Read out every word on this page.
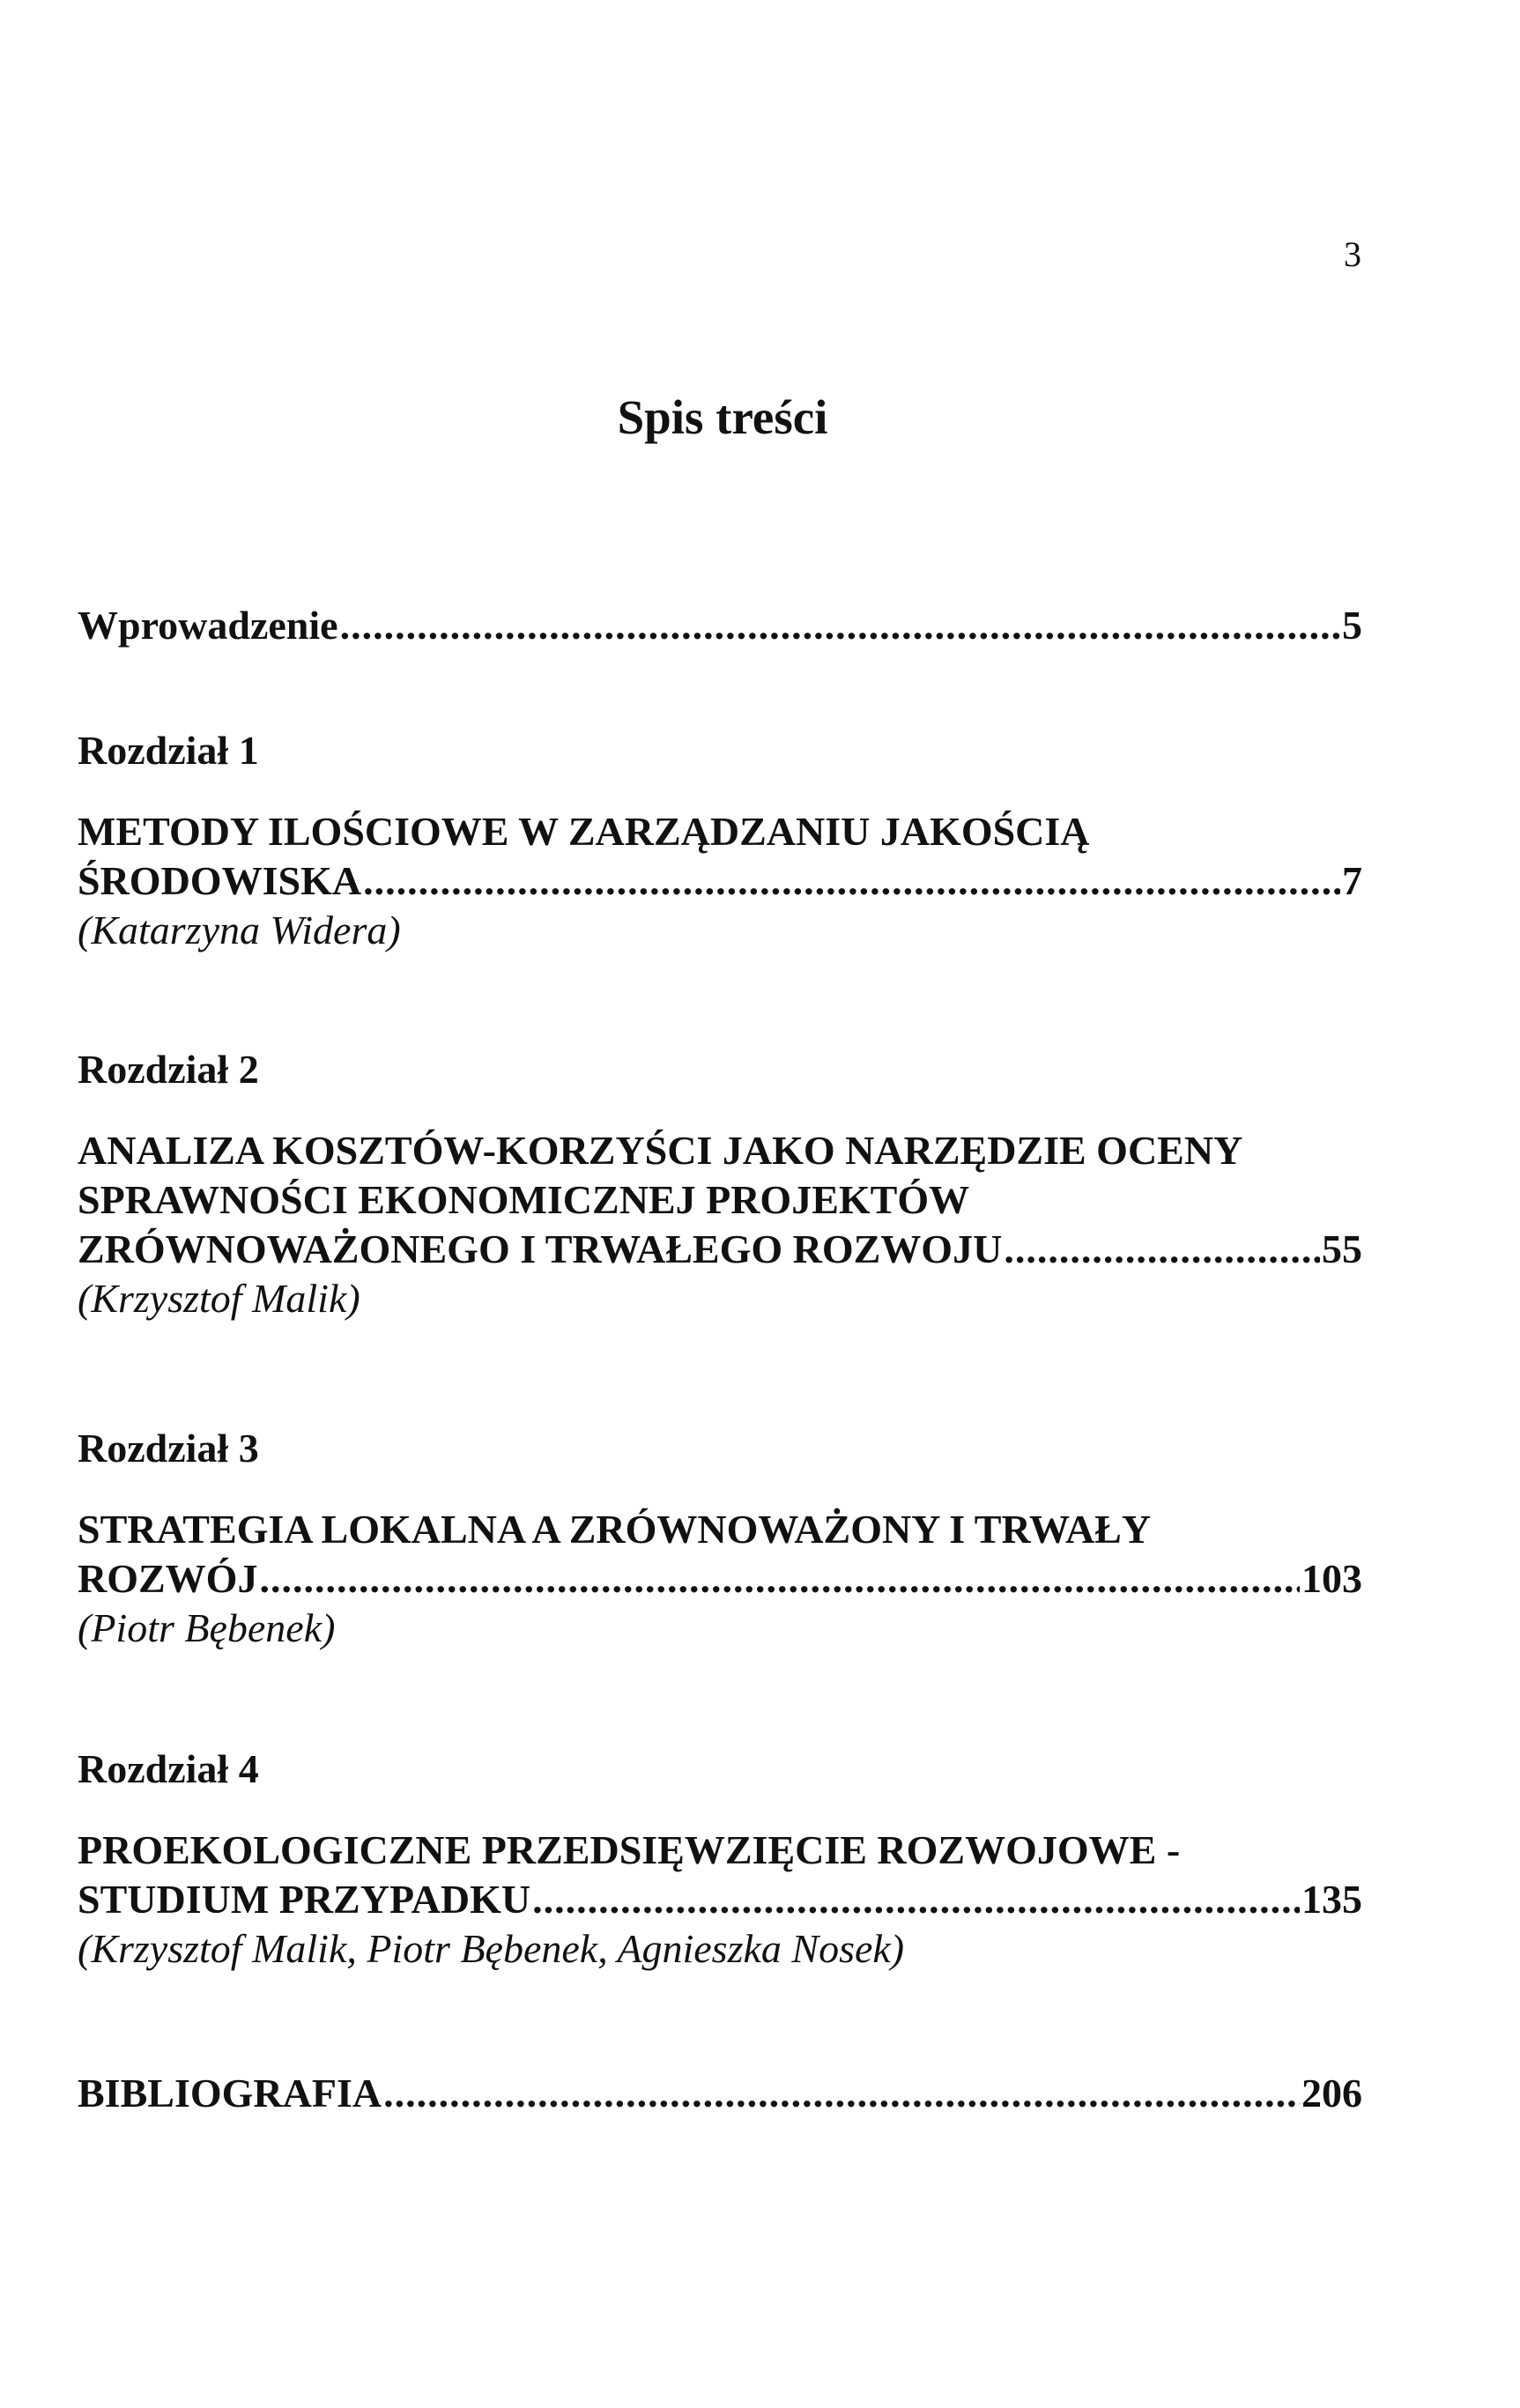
3
Spis treści
Wprowadzenie .....	5
Rozdział 1
METODY ILOŚCIOWE W ZARZĄDZANIU JAKOŚCIĄ
ŚRODOWISKA .....	7
(Katarzyna Widera)
Rozdział 2
ANALIZA KOSZTÓW-KORZYŚCI JAKO NARZĘDZIE OCENY
SPRAWNOŚCI EKONOMICZNEJ PROJEKTÓW
ZRÓWNOWAŻONEGO I TRWAŁEGO ROZWOJU .....	55
(Krzysztof Malik)
Rozdział 3
STRATEGIA LOKALNA A ZRÓWNOWAŻONY I TRWAŁY
ROZWÓJ .....	103
(Piotr Bębenek)
Rozdział 4
PROEKOLOGICZNE PRZEDSIĘWZIĘCIE ROZWOJOWE -
STUDIUM PRZYPADKU .....	135
(Krzysztof Malik, Piotr Bębenek, Agnieszka Nosek)
BIBLIOGRAFIA .....	206
